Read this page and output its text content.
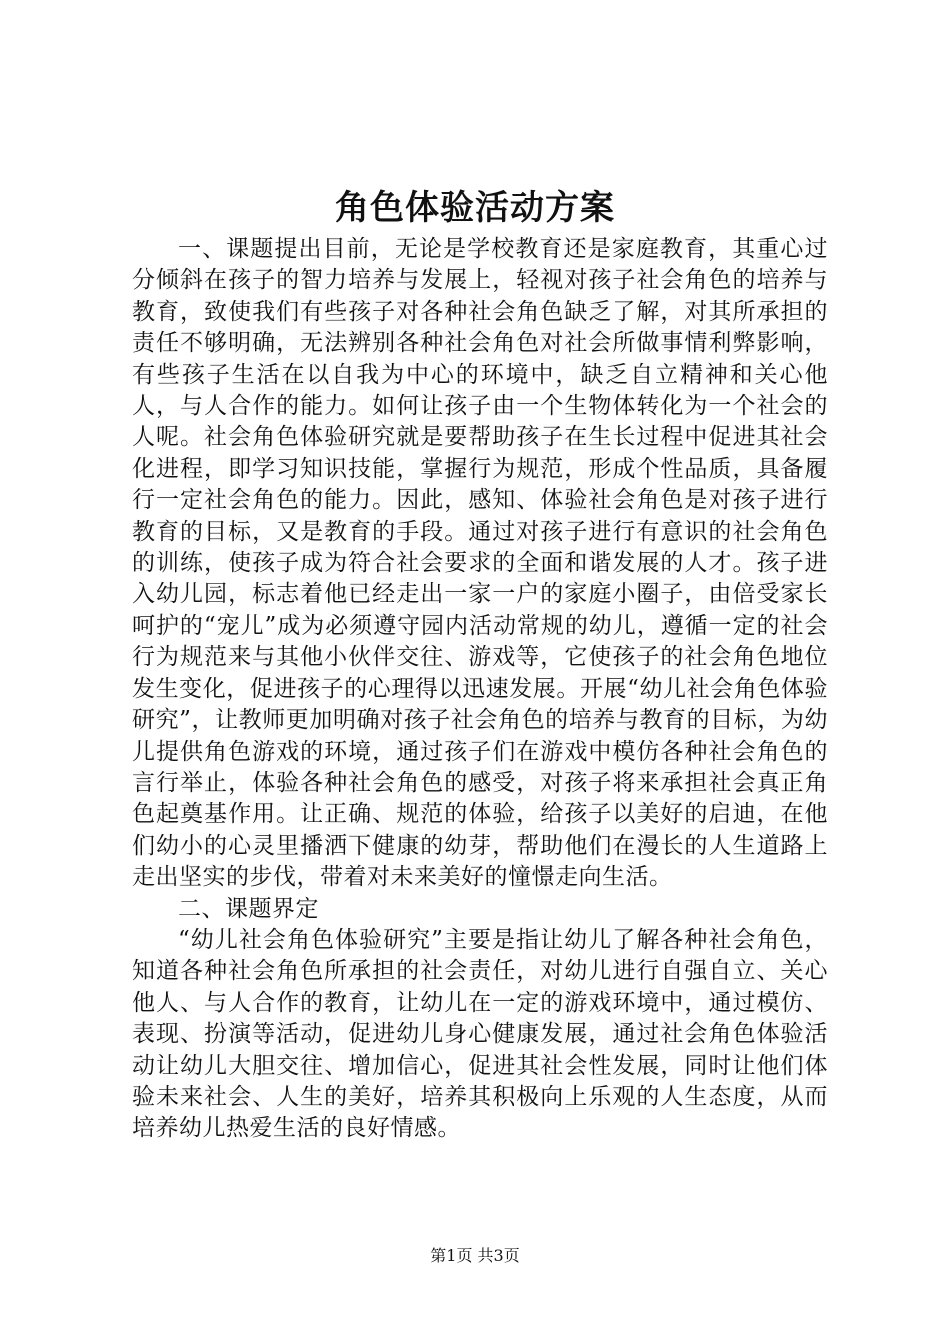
角色体验活动方案

一、课题提出目前，无论是学校教育还是家庭教育，其重心过分倾斜在孩子的智力培养与发展上，轻视对孩子社会角色的培养与教育，致使我们有些孩子对各种社会角色缺乏了解，对其所承担的责任不够明确，无法辨别各种社会角色对社会所做事情利弊影响，有些孩子生活在以自我为中心的环境中，缺乏自立精神和关心他人，与人合作的能力。如何让孩子由一个生物体转化为一个社会的人呢。社会角色体验研究就是要帮助孩子在生长过程中促进其社会化进程，即学习知识技能，掌握行为规范，形成个性品质，具备履行一定社会角色的能力。因此，感知、体验社会角色是对孩子进行教育的目标，又是教育的手段。通过对孩子进行有意识的社会角色的训练，使孩子成为符合社会要求的全面和谐发展的人才。孩子进入幼儿园，标志着他已经走出一家一户的家庭小圈子，由倍受家长呵护的“宠儿”成为必须遵守园内活动常规的幼儿，遵循一定的社会行为规范来与其他小伙伴交往、游戏等，它使孩子的社会角色地位发生变化，促进孩子的心理得以迅速发展。开展“幼儿社会角色体验研究”，让教师更加明确对孩子社会角色的培养与教育的目标，为幼儿提供角色游戏的环境，通过孩子们在游戏中模仿各种社会角色的言行举止，体验各种社会角色的感受，对孩子将来承担社会真正角色起奠基作用。让正确、规范的体验，给孩子以美好的启迪，在他们幼小的心灵里播洒下健康的幼芽，帮助他们在漫长的人生道路上走出坚实的步伐，带着对未来美好的憧憬走向生活。

二、课题界定

“幼儿社会角色体验研究”主要是指让幼儿了解各种社会角色，知道各种社会角色所承担的社会责任，对幼儿进行自强自立、关心他人、与人合作的教育，让幼儿在一定的游戏环境中，通过模仿、表现、扮演等活动，促进幼儿身心健康发展，通过社会角色体验活动让幼儿大胆交往、增加信心，促进其社会性发展，同时让他们体验未来社会、人生的美好，培养其积极向上乐观的人生态度，从而培养幼儿热爱生活的良好情感。

第1页 共3页
